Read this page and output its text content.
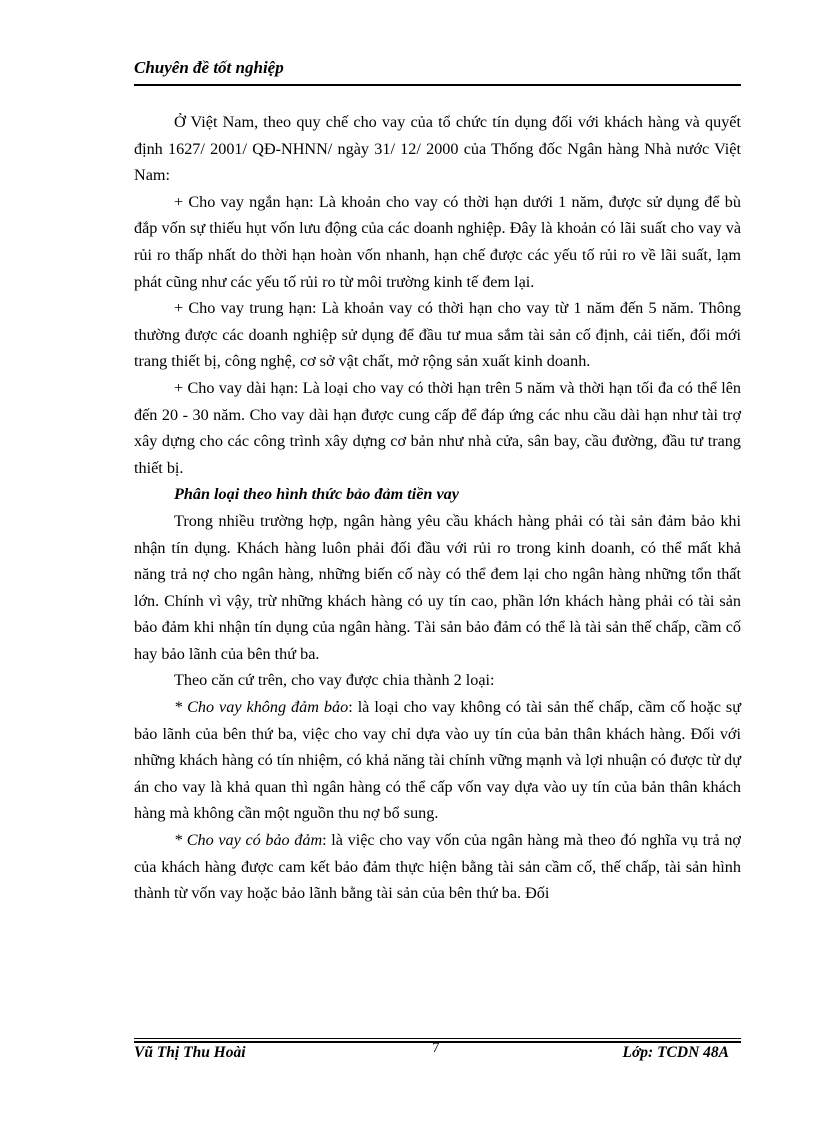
Chuyên đề tốt nghiệp

Ở Việt Nam, theo quy chế cho vay của tổ chức tín dụng đối với khách hàng và quyết định 1627/ 2001/ QĐ-NHNN/ ngày 31/ 12/ 2000 của Thống đốc Ngân hàng Nhà nước Việt Nam:

+ Cho vay ngắn hạn: Là khoản cho vay có thời hạn dưới 1 năm, được sử dụng để bù đắp vốn sự thiếu hụt vốn lưu động của các doanh nghiệp. Đây là khoản có lãi suất cho vay và rủi ro thấp nhất do thời hạn hoàn vốn nhanh, hạn chế được các yếu tố rủi ro về lãi suất, lạm phát cũng như các yếu tố rủi ro từ môi trường kinh tế đem lại.

+ Cho vay trung hạn: Là khoản vay có thời hạn cho vay từ 1 năm đến 5 năm. Thông thường được các doanh nghiệp sử dụng để đầu tư mua sắm tài sản cố định, cải tiến, đổi mới trang thiết bị, công nghệ, cơ sở vật chất, mở rộng sản xuất kinh doanh.

+ Cho vay dài hạn: Là loại cho vay có thời hạn trên 5 năm và thời hạn tối đa có thể lên đến 20 - 30 năm. Cho vay dài hạn được cung cấp để đáp ứng các nhu cầu dài hạn như tài trợ xây dựng cho các công trình xây dựng cơ bản như nhà cửa, sân bay, cầu đường, đầu tư trang thiết bị.

Phân loại theo hình thức bảo đảm tiền vay

Trong nhiều trường hợp, ngân hàng yêu cầu khách hàng phải có tài sản đảm bảo khi nhận tín dụng. Khách hàng luôn phải đối đầu với rủi ro trong kinh doanh, có thể mất khả năng trả nợ cho ngân hàng, những biến cố này có thể đem lại cho ngân hàng những tổn thất lớn. Chính vì vậy, trừ những khách hàng có uy tín cao, phần lớn khách hàng phải có tài sản bảo đảm khi nhận tín dụng của ngân hàng. Tài sản bảo đảm có thể là tài sản thế chấp, cầm cố hay bảo lãnh của bên thứ ba.

Theo căn cứ trên, cho vay được chia thành 2 loại:

* Cho vay không đảm bảo: là loại cho vay không có tài sản thế chấp, cầm cố hoặc sự bảo lãnh của bên thứ ba, việc cho vay chỉ dựa vào uy tín của bản thân khách hàng. Đối với những khách hàng có tín nhiệm, có khả năng tài chính vững mạnh và lợi nhuận có được từ dự án cho vay là khả quan thì ngân hàng có thể cấp vốn vay dựa vào uy tín của bản thân khách hàng mà không cần một nguồn thu nợ bổ sung.

* Cho vay có bảo đảm: là việc cho vay vốn của ngân hàng mà theo đó nghĩa vụ trả nợ của khách hàng được cam kết bảo đảm thực hiện bằng tài sản cầm cố, thế chấp, tài sản hình thành từ vốn vay hoặc bảo lãnh bằng tài sản của bên thứ ba. Đối

Vũ Thị Thu Hoài	7	Lớp: TCDN 48A
